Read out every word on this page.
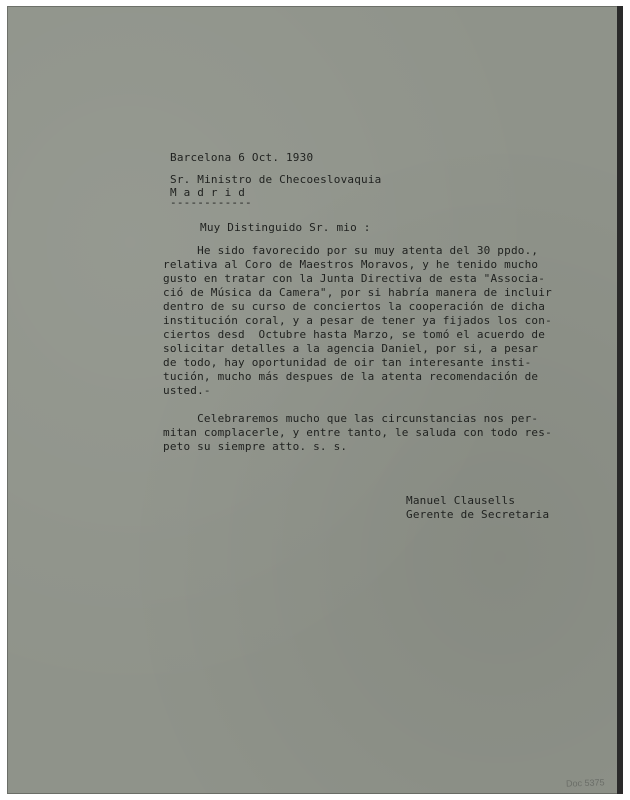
Barcelona 6 Oct. 1930
Sr. Ministro de Checoeslovaquia
M a d r i d
------------
Muy Distinguido Sr. mio :
He sido favorecido por su muy atenta del 30 ppdo.,
relativa al Coro de Maestros Moravos, y he tenido mucho
gusto en tratar con la Junta Directiva de esta "Associa-
ció de Música da Camera", por si habría manera de incluir
dentro de su curso de conciertos la cooperación de dicha
institución coral, y a pesar de tener ya fijados los con-
ciertos desd  Octubre hasta Marzo, se tomó el acuerdo de
solicitar detalles a la agencia Daniel, por si, a pesar
de todo, hay oportunidad de oir tan interesante insti-
tución, mucho más despues de la atenta recomendación de
usted.-
Celebraremos mucho que las circunstancias nos per-
mitan complacerle, y entre tanto, le saluda con todo res-
peto su siempre atto. s. s.
Manuel Clausells
Gerente de Secretaria
Doc 5375
